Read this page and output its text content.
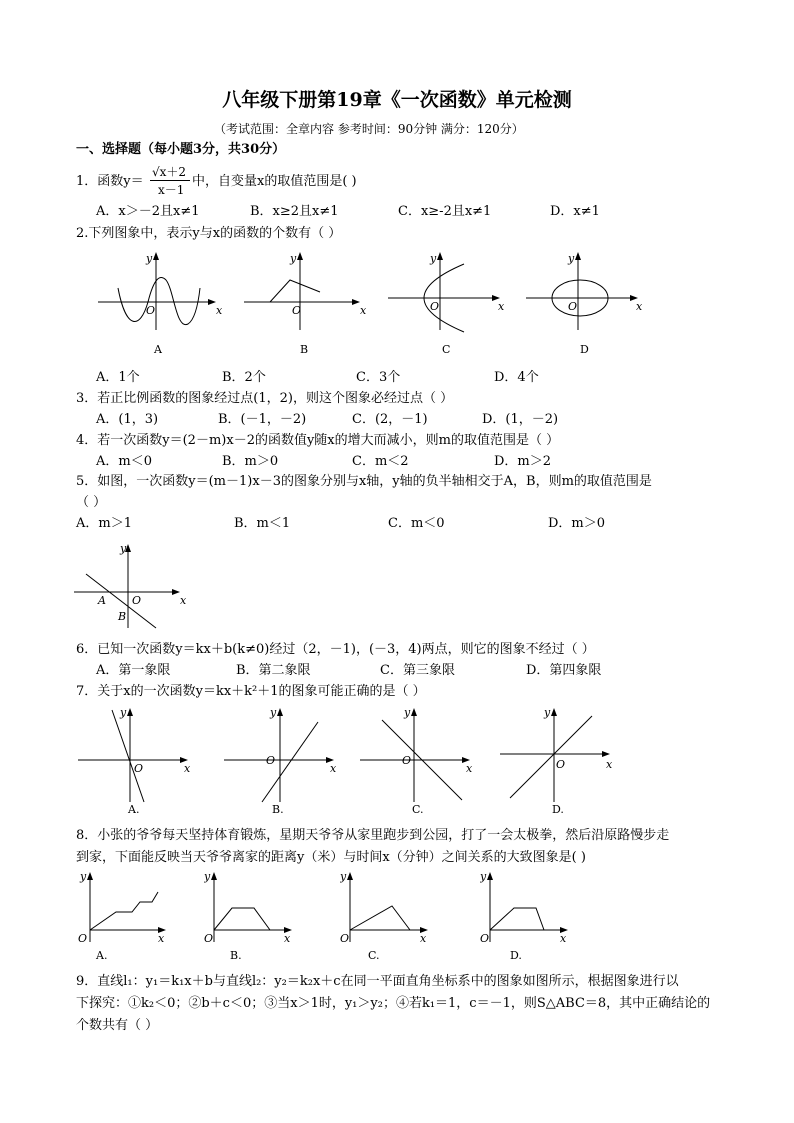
八年级下册第19章《一次函数》单元检测
（考试范围：全章内容 参考时间：90分钟 满分：120分）
一、选择题（每小题3分，共30分）
1．函数y＝
√x＋2
x－1
中，自变量x的取值范围是( )
A．x＞－2且x≠1	B．x≥2且x≠1	C．x≥-2且x≠1	D．x≠1
2.下列图象中，表示y与x的函数的个数有（ ）
x
y
O
A
x
y
O
B
x
y
O
C
x
y
O
D
A．1个	B．2个	C．3个	D．4个
3．若正比例函数的图象经过点(1，2)，则这个图象必经过点（ ）
A．(1，3)	B．(－1，－2)	C．(2，－1)	D．(1，－2)
4．若一次函数y＝(2－m)x－2的函数值y随x的增大而减小，则m的取值范围是（ ）
A．m＜0	B．m＞0	C．m＜2	D．m＞2
5．如图，一次函数y＝(m－1)x－3的图象分别与x轴，y轴的负半轴相交于A，B，则m的取值范围是
（ ）
A．m＞1	B．m＜1	C．m＜0	D．m＞0
x
y
A O
B
6．已知一次函数y＝kx＋b(k≠0)经过（2，－1)，(－3，4)两点，则它的图象不经过（ ）
A．第一象限	B．第二象限	C．第三象限	D．第四象限
7．关于x的一次函数y＝kx＋k²＋1的图象可能正确的是（ ）
x
y
O
A.
x
y
O
B.
x
y
O
C.
x
y
O
D.
8．小张的爷爷每天坚持体育锻炼，星期天爷爷从家里跑步到公园，打了一会太极拳，然后沿原路慢步走
到家，下面能反映当天爷爷离家的距离y（米）与时间x（分钟）之间关系的大致图象是( )
x
y
O	x
y
O
B.
x
y
O
C.
x
y
O
D.
A.
9．直线l₁：y₁＝k₁x＋b与直线l₂：y₂＝k₂x＋c在同一平面直角坐标系中的图象如图所示，根据图象进行以
下探究：①k₂＜0；②b＋c＜0；③当x＞1时，y₁＞y₂；④若k₁＝1，c＝－1，则S△ABC＝8，其中正确结论的
个数共有（ ）
